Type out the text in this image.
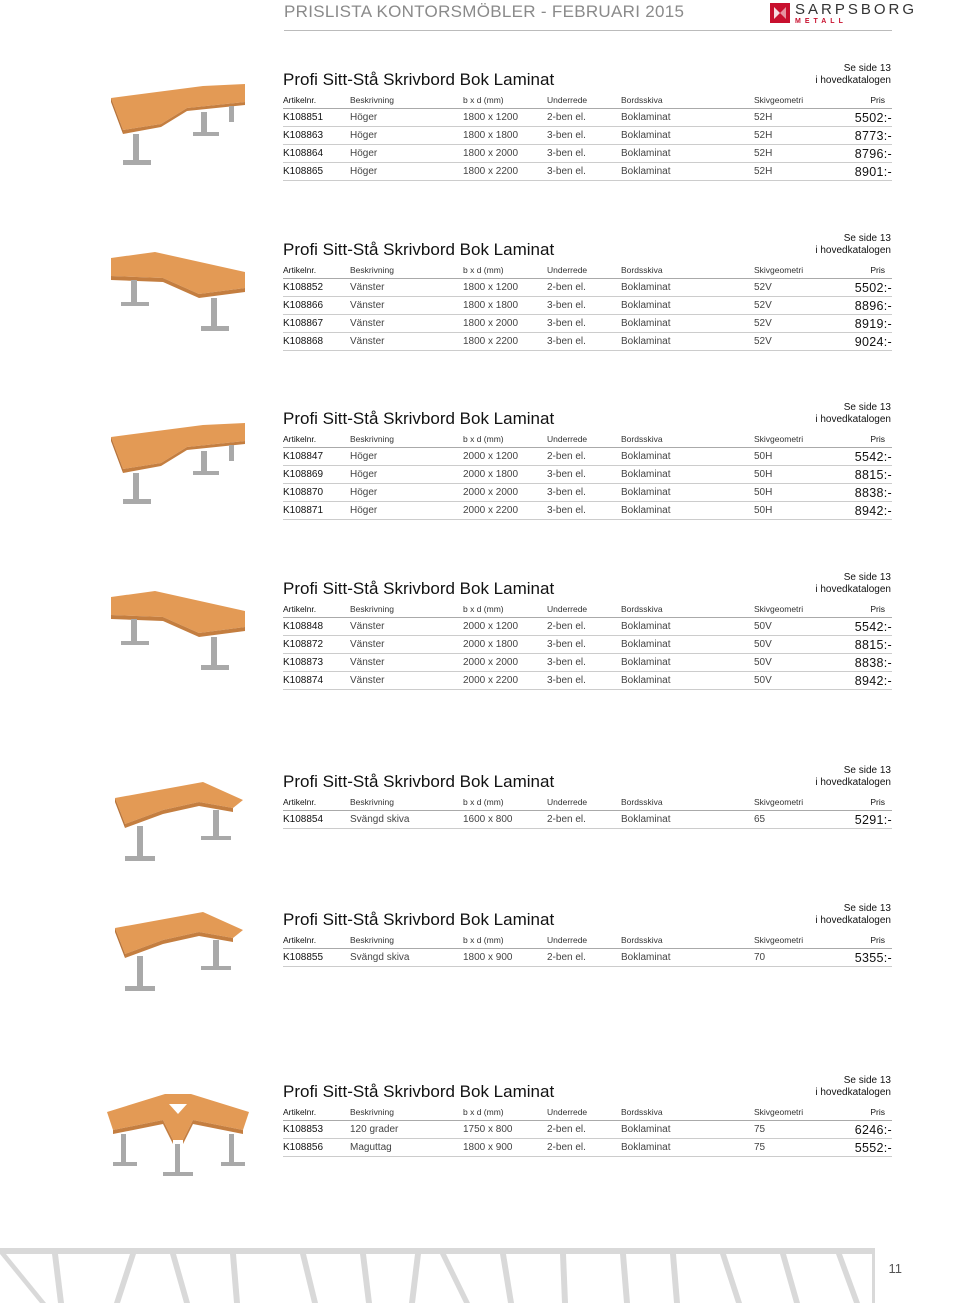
PRISLISTA KONTORSMÖBLER - FEBRUARI 2015	SARPSBORG
METALL
Profi Sitt-Stå Skrivbord Bok Laminat
Se side 13
i hovedkatalogen
Artikelnr.	Beskrivning	b x d (mm)	Underrede	Bordsskiva	Skivgeometri	Pris
K108851	Höger	1800 x 1200	2-ben el.	Boklaminat	52H	5502:-
K108863	Höger	1800 x 1800	3-ben el.	Boklaminat	52H	8773:-
K108864	Höger	1800 x 2000	3-ben el.	Boklaminat	52H	8796:-
K108865	Höger	1800 x 2200	3-ben el.	Boklaminat	52H	8901:-
Profi Sitt-Stå Skrivbord Bok Laminat
Se side 13
i hovedkatalogen
Artikelnr.	Beskrivning	b x d (mm)	Underrede	Bordsskiva	Skivgeometri	Pris
K108852	Vänster	1800 x 1200	2-ben el.	Boklaminat	52V	5502:-
K108866	Vänster	1800 x 1800	3-ben el.	Boklaminat	52V	8896:-
K108867	Vänster	1800 x 2000	3-ben el.	Boklaminat	52V	8919:-
K108868	Vänster	1800 x 2200	3-ben el.	Boklaminat	52V	9024:-
Profi Sitt-Stå Skrivbord Bok Laminat
Se side 13
i hovedkatalogen
Artikelnr.	Beskrivning	b x d (mm)	Underrede	Bordsskiva	Skivgeometri	Pris
K108847	Höger	2000 x 1200	2-ben el.	Boklaminat	50H	5542:-
K108869	Höger	2000 x 1800	3-ben el.	Boklaminat	50H	8815:-
K108870	Höger	2000 x 2000	3-ben el.	Boklaminat	50H	8838:-
K108871	Höger	2000 x 2200	3-ben el.	Boklaminat	50H	8942:-
Profi Sitt-Stå Skrivbord Bok Laminat
Se side 13
i hovedkatalogen
Artikelnr.	Beskrivning	b x d (mm)	Underrede	Bordsskiva	Skivgeometri	Pris
K108848	Vänster	2000 x 1200	2-ben el.	Boklaminat	50V	5542:-
K108872	Vänster	2000 x 1800	3-ben el.	Boklaminat	50V	8815:-
K108873	Vänster	2000 x 2000	3-ben el.	Boklaminat	50V	8838:-
K108874	Vänster	2000 x 2200	3-ben el.	Boklaminat	50V	8942:-
Profi Sitt-Stå Skrivbord Bok Laminat
Se side 13
i hovedkatalogen
Artikelnr.	Beskrivning	b x d (mm)	Underrede	Bordsskiva	Skivgeometri	Pris
K108854	Svängd skiva	1600 x 800	2-ben el.	Boklaminat	65	5291:-
Profi Sitt-Stå Skrivbord Bok Laminat
Se side 13
i hovedkatalogen
Artikelnr.	Beskrivning	b x d (mm)	Underrede	Bordsskiva	Skivgeometri	Pris
K108855	Svängd skiva	1800 x 900	2-ben el.	Boklaminat	70	5355:-
Profi Sitt-Stå Skrivbord Bok Laminat
Se side 13
i hovedkatalogen
Artikelnr.	Beskrivning	b x d (mm)	Underrede	Bordsskiva	Skivgeometri	Pris
K108853	120 grader	1750 x 800	2-ben el.	Boklaminat	75	6246:-
K108856	Maguttag	1800 x 900	2-ben el.	Boklaminat	75	5552:-
11
